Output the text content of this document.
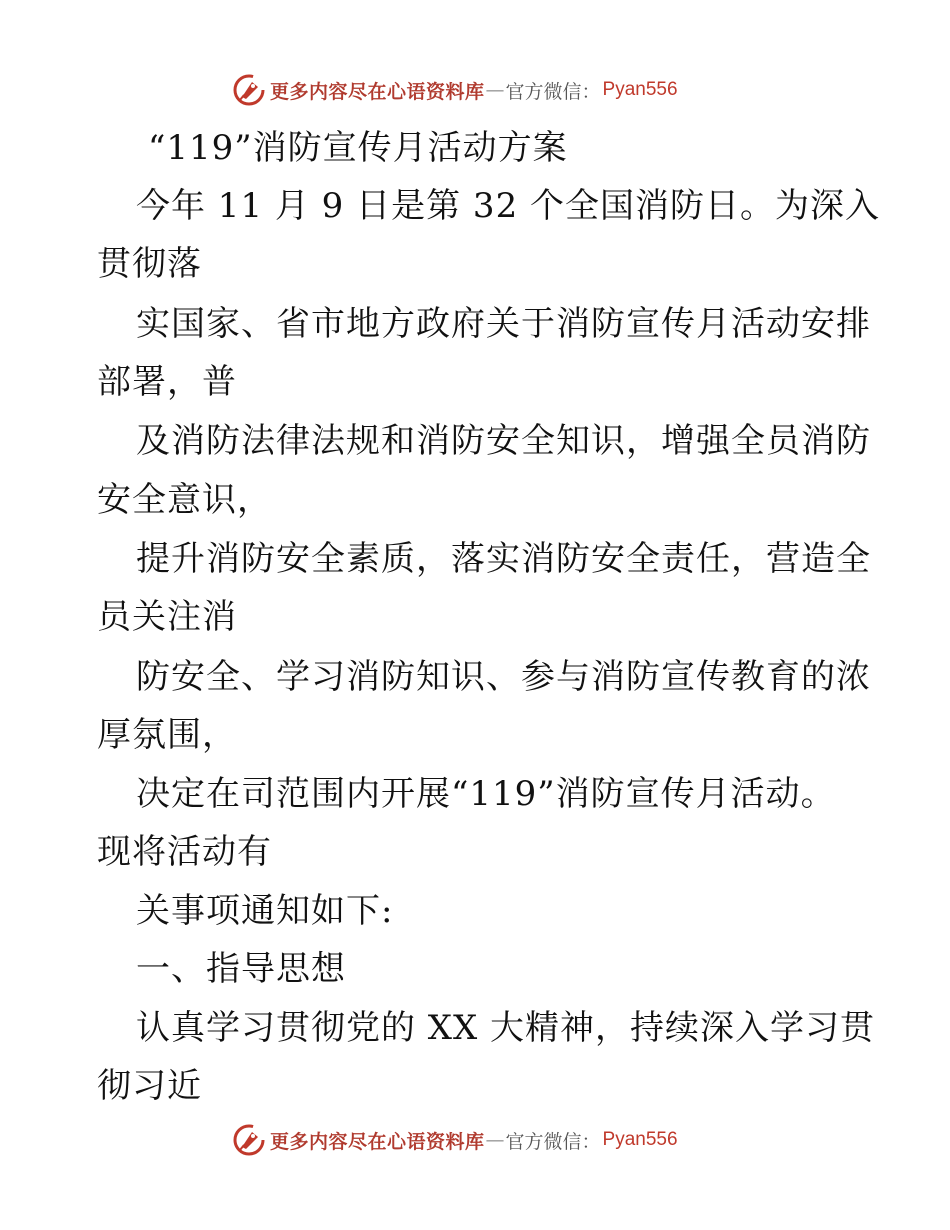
更多内容尽在心语资料库 — 官方微信： Pyan556
“119”消防宣传月活动方案
今年 11 月 9 日是第 32 个全国消防日。为深入
贯彻落
实国家、省市地方政府关于消防宣传月活动安排
部署，普
及消防法律法规和消防安全知识，增强全员消防
安全意识，
提升消防安全素质，落实消防安全责任，营造全
员关注消
防安全、学习消防知识、参与消防宣传教育的浓
厚氛围，
决定在司范围内开展“119”消防宣传月活动。
现将活动有
关事项通知如下:
一、指导思想
认真学习贯彻党的 XX 大精神，持续深入学习贯
彻习近
更多内容尽在心语资料库 — 官方微信： Pyan556
